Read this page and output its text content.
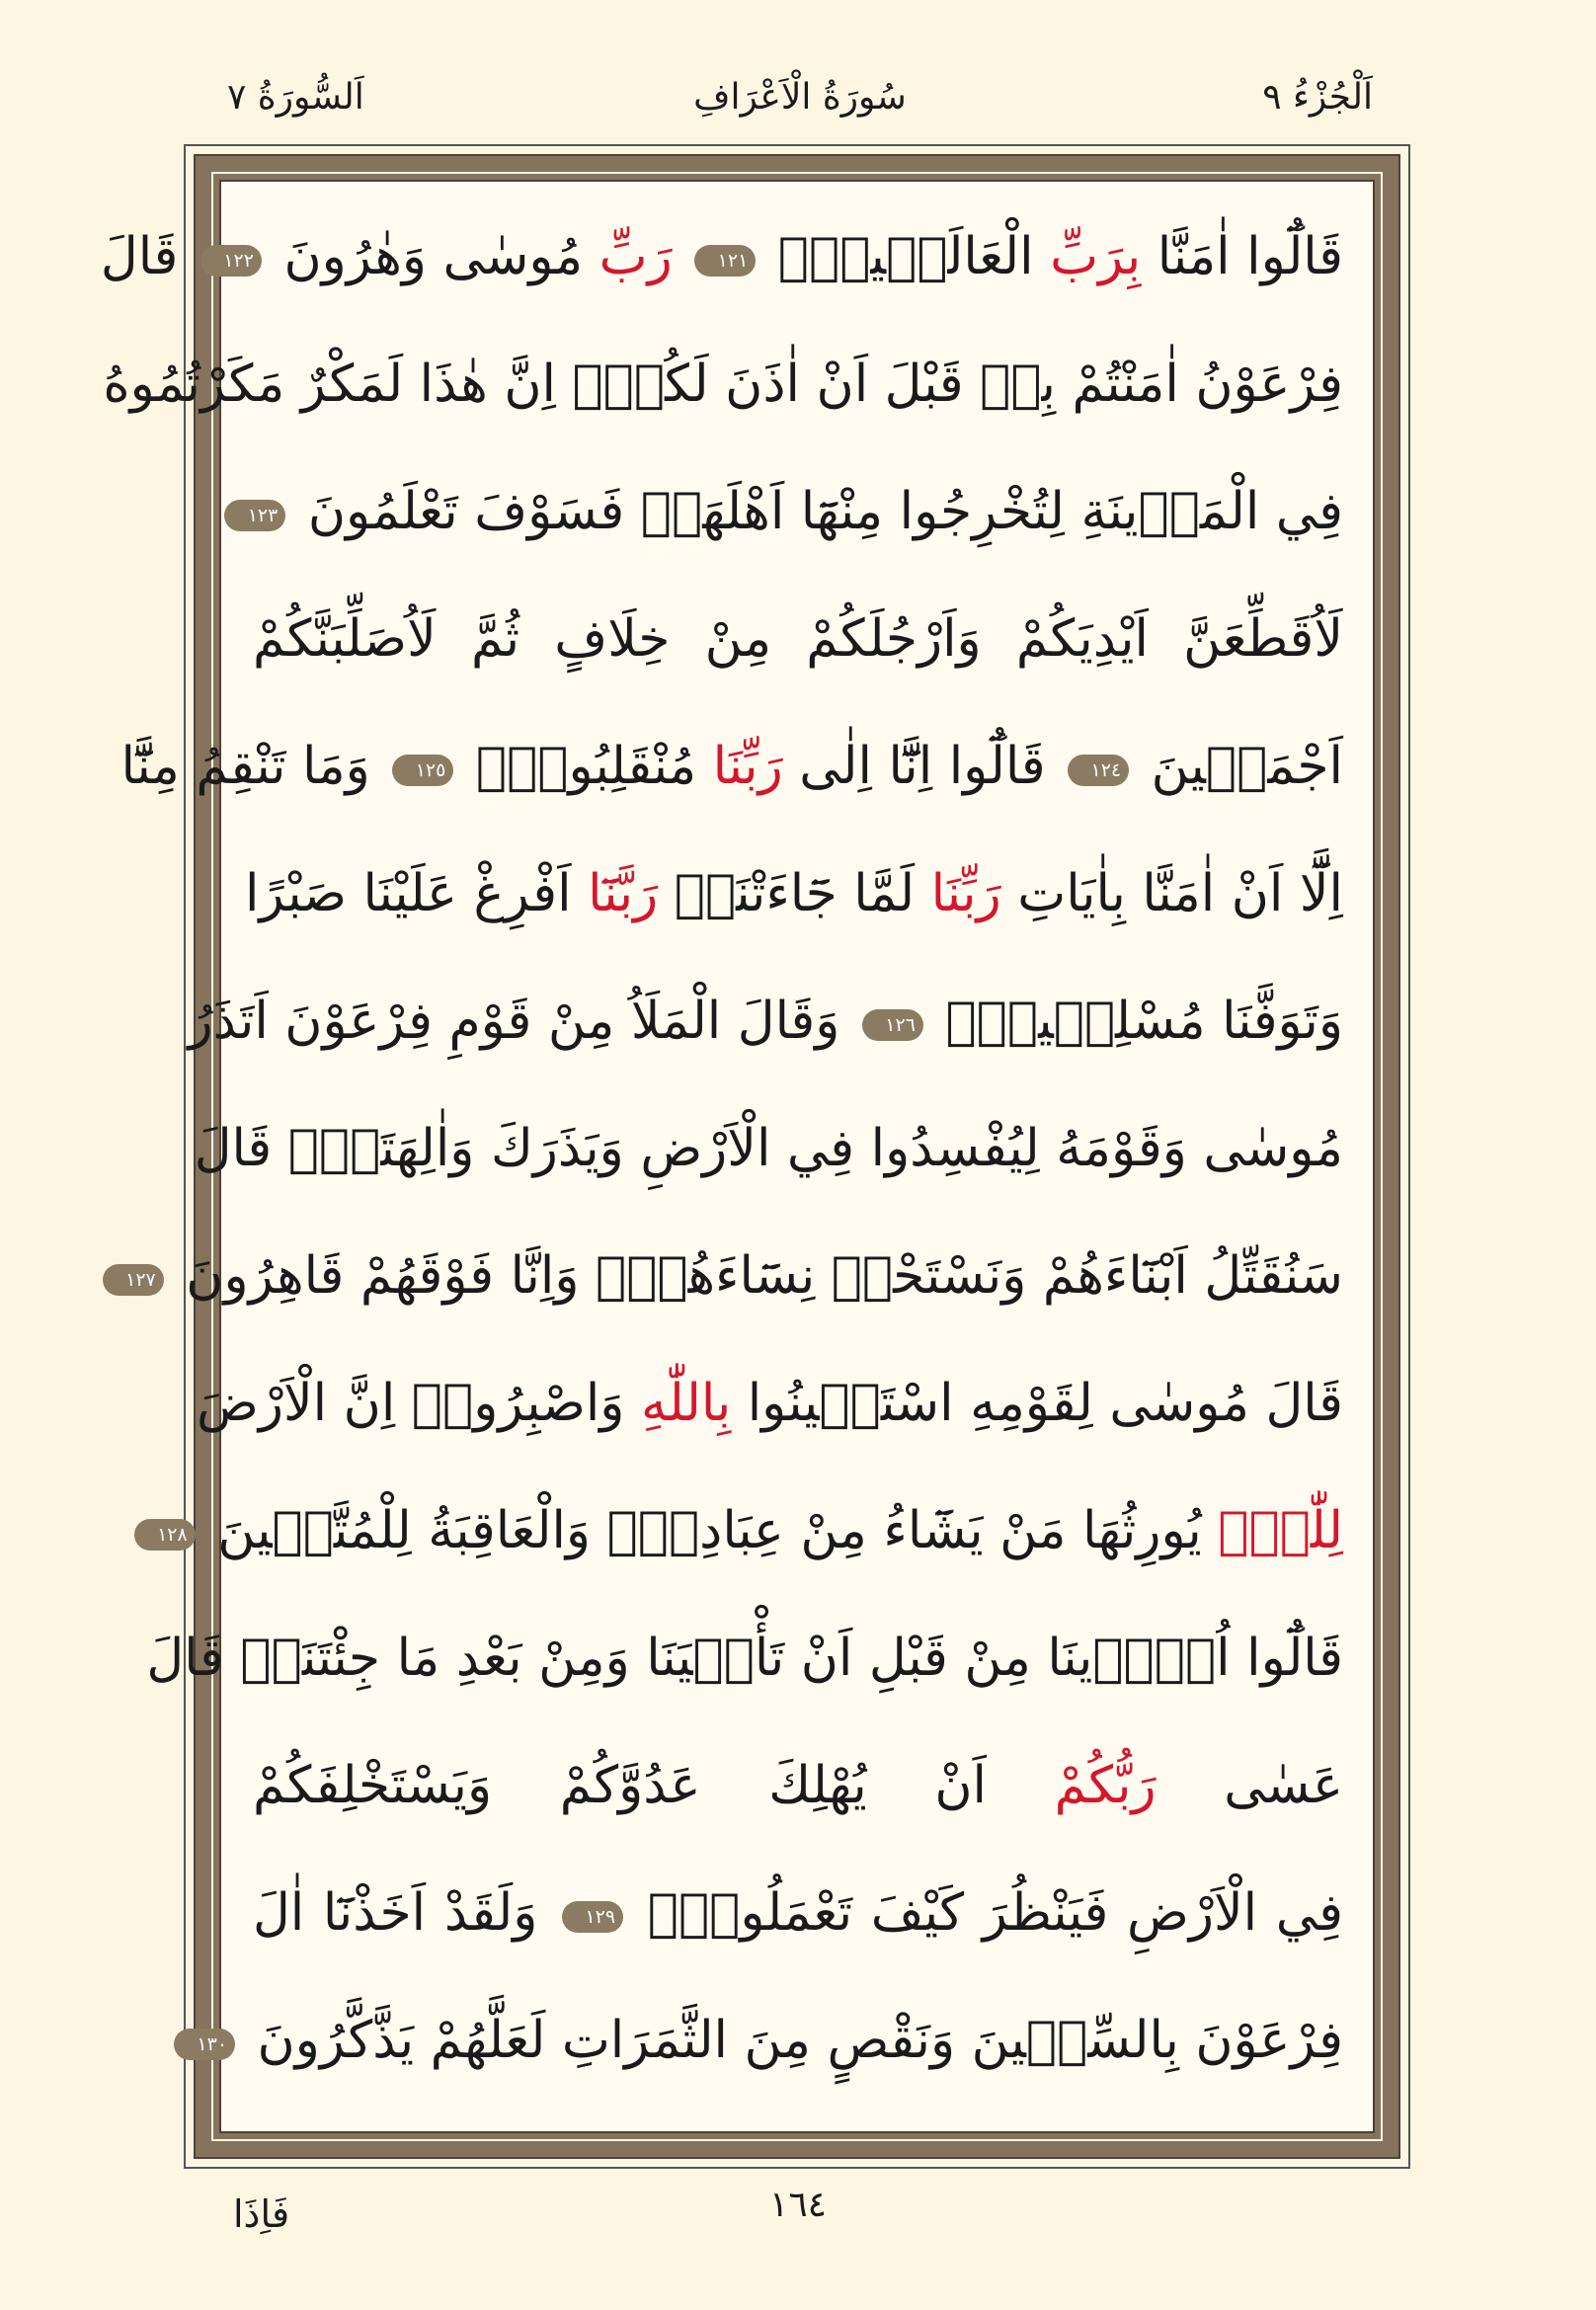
اَلْجُزْءُ ٩
سُورَةُ الْاَعْرَافِ
اَلسُّورَةُ ٧
قَالُٓوا اٰمَنَّا بِرَبِّ الْعَالَم۪ينَۙ ١٢١ رَبِّ مُوسٰى وَهٰرُونَ ١٢٢ قَالَ
فِرْعَوْنُ اٰمَنْتُمْ بِه۪ قَبْلَ اَنْ اٰذَنَ لَكُمْۚ اِنَّ هٰذَا لَمَكْرٌ مَكَرْتُمُوهُ
فِي الْمَد۪ينَةِ لِتُخْرِجُوا مِنْهَٓا اَهْلَهَاۚ فَسَوْفَ تَعْلَمُونَ ١٢٣
لَاُقَطِّعَنَّ اَيْدِيَكُمْ وَاَرْجُلَكُمْ مِنْ خِلَافٍ ثُمَّ لَاُصَلِّبَنَّكُمْ
اَجْمَع۪ينَ ١٢٤ قَالُٓوا اِنَّٓا اِلٰى رَبِّنَا مُنْقَلِبُونَۚ ١٢٥ وَمَا تَنْقِمُ مِنَّٓا
اِلَّٓا اَنْ اٰمَنَّا بِاٰيَاتِ رَبِّنَا لَمَّا جَٓاءَتْنَاۜ رَبَّنَٓا اَفْرِغْ عَلَيْنَا صَبْرًا
وَتَوَفَّنَا مُسْلِم۪ينَ۟ ١٢٦ وَقَالَ الْمَلَاُ مِنْ قَوْمِ فِرْعَوْنَ اَتَذَرُ
مُوسٰى وَقَوْمَهُ لِيُفْسِدُوا فِي الْاَرْضِ وَيَذَرَكَ وَاٰلِهَتَكَۜ قَالَ
سَنُقَتِّلُ اَبْنَٓاءَهُمْ وَنَسْتَحْي۪ نِسَٓاءَهُمْۚ وَاِنَّا فَوْقَهُمْ قَاهِرُونَ ١٢٧
قَالَ مُوسٰى لِقَوْمِهِ اسْتَع۪ينُوا بِاللّٰهِ وَاصْبِرُواۚ اِنَّ الْاَرْضَ
لِلّٰهِۙ يُورِثُهَا مَنْ يَشَٓاءُ مِنْ عِبَادِه۪ۜ وَالْعَاقِبَةُ لِلْمُتَّق۪ينَ ١٢٨
قَالُٓوا اُو۫ذ۪ينَا مِنْ قَبْلِ اَنْ تَأْت۪يَنَا وَمِنْ بَعْدِ مَا جِئْتَنَاۜ قَالَ
عَسٰى رَبُّكُمْ اَنْ يُهْلِكَ عَدُوَّكُمْ وَيَسْتَخْلِفَكُمْ
فِي الْاَرْضِ فَيَنْظُرَ كَيْفَ تَعْمَلُونَ۟ ١٢٩ وَلَقَدْ اَخَذْنَٓا اٰلَ
فِرْعَوْنَ بِالسِّن۪ينَ وَنَقْصٍ مِنَ الثَّمَرَاتِ لَعَلَّهُمْ يَذَّكَّرُونَ ١٣٠
١٦٤
فَاِذَا
